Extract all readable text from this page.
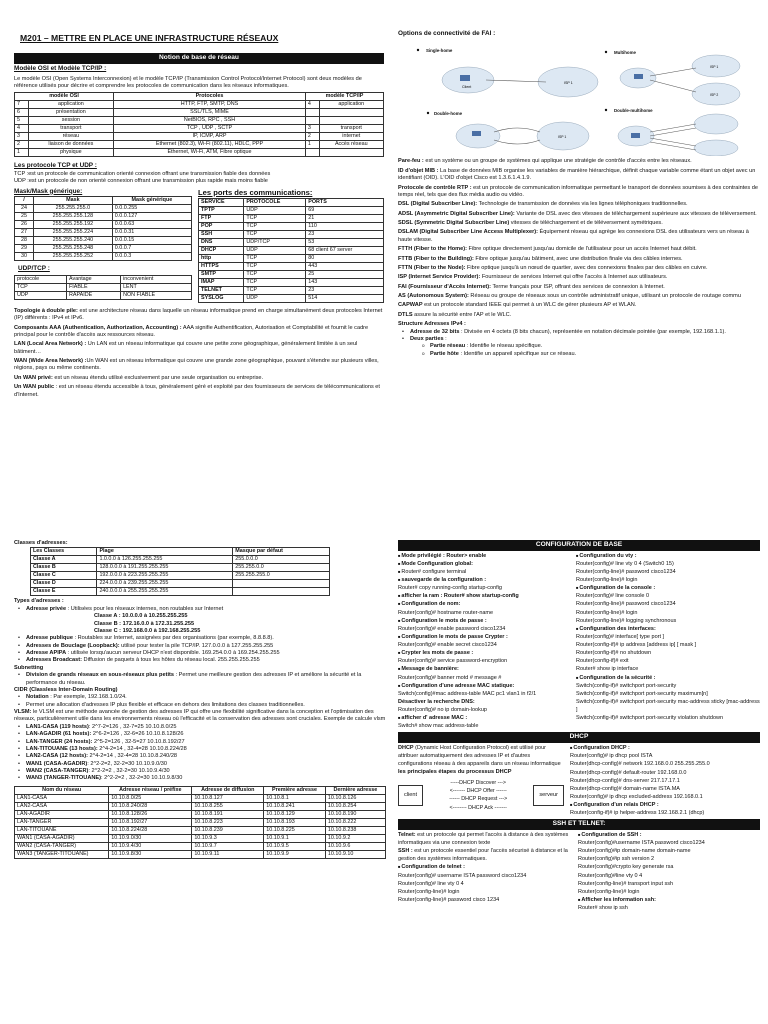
M201 – METTRE EN PLACE UNE INFRASTRUCTURE RÉSEAUX
Notion de base de réseau
Modèle OSI et Modèle TCP/IP :
Le modèle OSI (Open Systems Interconnexion) et le modèle TCP/IP (Transmission Control Protocol/Internet Protocol) sont deux modèles de référence utilisés pour décrire et comprendre les protocoles de communication dans les réseaux informatiques.
modèle OSI		Protocoles	modèle TCP/IP	
7	application	HTTP, FTP, SMTP, DNS	4	application
6	présentation	SSL/TLS, MIME		
5	session	NetBIOS, RPC , SSH		
4	transport	TCP , UDP , SCTP	3	transport
3	réseau	IP, ICMP, ARP	2	internet
2	liaison de données	Ethernet (802.3), Wi-Fi (802.11), HDLC, PPP	1	Accès réseau
1	physique	Ethernet, Wi-Fi, ATM, Fibre optique		
Les protocole TCP et UDP :
TCP :est un protocole de communication orienté connexion offrant une transmission fiable des données
UDP :est un protocole de non orienté connexion offrant une transmission plus rapide mais moins fiable
Mask/Mask générique:
/	Mask	Mask générique
24	255.255.255.0	0.0.0.255
25	255.255.255.128	0.0.0.127
26	255.255.255.192	0.0.0.63
27	255.255.255.224	0.0.0.31
28	255.255.255.240	0.0.0.15
29	255.255.255.248	0.0.0.7
30	255.255.255.252	0.0.0.3
UDP/TCP :
protocole	Avantage	inconvenient
TCP	FIABLE	LENT
UDP	RAPAIDE	NON FIABLE
Les ports des communications:
SERVICE	PROTOCOLE	PORTS
TPTP	UDP	69
FTP	TCP	21
POP	TCP	110
SSH	TCP	23
DNS	UDP/TCP	53
DHCP	UDP	68 client 67 server
http	TCP	80
HTTPS	TCP	443
SMTP	TCP	25
IMAP	TCP	143
TELNET	TCP	23
SYSLOG	UDP	514
Topologie à double pile: est une architecture réseau dans laquelle un réseau informatique prend en charge simultanément deux protocoles Internet (IP) différents : IPv4 et IPv6.
Composants AAA (Authentication, Authorization, Accounting) : AAA signifie Authentification, Autorisation et Comptabilité et fournit le cadre principal pour le contrôle d'accès aux ressources réseau.
LAN (Local Area Network) : Un LAN est un réseau informatique qui couvre une petite zone géographique, généralement limitée à un seul bâtiment…
WAN (Wide Area Network) :Un WAN est un réseau informatique qui couvre une grande zone géographique, pouvant s'étendre sur plusieurs villes, régions, pays ou même continents.
Un WAN privé: est un réseau étendu utilisé exclusivement par une seule organisation ou entreprise.
Un WAN public : est un réseau étendu accessible à tous, généralement géré et exploité par des fournisseurs de services de télécommunications et d'Internet.
Options de connectivité de FAI :
Single-home	Multihome
Double-home
Double-multihome
Client
ISP 1
ISP 1
ISP 2
ISP 1
Pare-feu : est un système ou un groupe de systèmes qui applique une stratégie de contrôle d'accès entre les réseaux.
ID d'objet MIB : La base de données MIB organise les variables de manière hiérarchique, définit chaque variable comme étant un objet avec un identifiant (OID). L'OID d'objet Cisco est 1.3.6.1.4.1.9.
Protocole de contrôle RTP : est un protocole de communication informatique permettant le transport de données soumises à des contraintes de temps réel, tels que des flux média audio ou vidéo.
DSL (Digital Subscriber Line): Technologie de transmission de données via les lignes téléphoniques traditionnelles.
ADSL (Asymmetric Digital Subscriber Line): Variante de DSL avec des vitesses de téléchargement supérieure aux vitesses de téléversement.
SDSL (Symmetric Digital Subscriber Line) vitesses de téléchargement et de téléversement symétriques.
DSLAM (Digital Subscriber Line Access Multiplexer): Équipement réseau qui agrège les connexions DSL des utilisateurs vers un réseau à haute vitesse.
FTTH (Fiber to the Home): Fibre optique directement jusqu'au domicile de l'utilisateur pour un accès Internet haut débit.
FTTB (Fiber to the Building): Fibre optique jusqu'au bâtiment, avec une distribution finale via des câbles internes.
FTTN (Fiber to the Node): Fibre optique jusqu'à un nœud de quartier, avec des connexions finales par des câbles en cuivre.
ISP (Internet Service Provider): Fournisseur de services Internet qui offre l'accès à Internet aux utilisateurs.
FAI (Fournisseur d'Accès Internet): Terme français pour ISP, offrant des services de connexion à Internet.
AS (Autonomous System): Réseau ou groupe de réseaux sous un contrôle administratif unique, utilisant un protocole de routage commu
CAPWAP est un protocole standard IEEE qui permet à un WLC de gérer plusieurs AP et WLAN.
DTLS assure la sécurité entre l'AP et le WLC.
Structure Adresses IPv4 :
• Adresse de 32 bits : Divisée en 4 octets (8 bits chacun), représentée en notation décimale pointée (par exemple, 192.168.1.1).
• Deux parties :
o Partie réseau : Identifie le réseau spécifique.
o Partie hôte : Identifie un appareil spécifique sur ce réseau.
Classes d'adresses:
Les Classes	Plage	Masque par défaut
Classe A	1.0.0.0 à 126.255.255.255	255.0.0.0
Classe B	128.0.0.0 à 191.255.255.255	255.255.0.0
Classe C	192.0.0.0 à 223.255.255.255	255.255.255.0
Classe D	224.0.0.0 à 239.255.255.255	
Classe E	240.0.0.0 à 255.255.255.255	
Types d'adresses :
• Adresse privée : Utilisées pour les réseaux internes, non routables sur Internet
Classe A : 10.0.0.0 à 10.255.255.255
Classe B : 172.16.0.0 à 172.31.255.255
Classe C : 192.168.0.0 à 192.168.255.255
• Adresse publique : Routables sur Internet, assignées par des organisations (par exemple, 8.8.8.8).
• Adresses de Bouclage (Loopback): utilisé pour tester la pile TCP/IP. 127.0.0.0 à 127.255.255.255
• Adresse APIPA : utilisée lorsqu'aucun serveur DHCP n'est disponible. 169.254.0.0 à 169.254.255.255
• Adresses Broadcast: Diffusion de paquets à tous les hôtes du réseau local. 255.255.255.255
Subnetting
• Division de grands réseaux en sous-réseaux plus petits : Permet une meilleure gestion des adresses IP et améliore la sécurité et la performance du réseau.
CIDR (Classless Inter-Domain Routing)
• Notation : Par exemple, 192.168.1.0/24.
• Permet une allocation d'adresses IP plus flexible et efficace en dehors des limitations des classes traditionnelles.
VLSM: le VLSM est une méthode avancée de gestion des adresses IP qui offre une flexibilité significative dans la conception et l'optimisation des réseaux, particulièrement utile dans les environnements réseau où l'efficacité et la conservation des adresses sont cruciales. Exemple de calcule vlsm
• LAN1-CASA (119 hosts): 2^7-2=126 , 32-7=25 10.10.8.0/25
• LAN-AGADIR (61 hosts): 2^6-2=126 , 32-6=26 10.10.8.128/26
• LAN-TANGER (24 hosts): 2^5-2=126 , 32-5=27 10.10.8.192/27
• LAN-TITOUANE (13 hosts): 2^4-2=14 , 32-4=28 10.10.8.224/28
• LAN2-CASA (12 hosts): 2^4-2=14 , 32-4=28 10.10.8.240/28
• WAN1 (CASA-AGADIR): 2^2-2=2, 32-2=30 10.10.9.0/30
• WAN2 (CASA-TANGER): 2^2-2=2 , 32-2=30 10.10.9.4/30
• WAN3 (TANGER-TITOUANE): 2^2-2=2 , 32-2=30 10.10.9.8/30
Nom du réseau	Adresse réseau / préfixe	Adresse de diffusion	Première adresse	Dernière adresse
LAN1-CASA	10.10.8.0/25	10.10.8.127	10.10.8.1	10.10.8.126
LAN2-CASA	10.10.8.240/28	10.10.8.255	10.10.8.241	10.10.8.254
LAN-AGADIR	10.10.8.128/26	10.10.8.191	10.10.8.129	10.10.8.190
LAN-TANGER	10.10.8.192/27	10.10.8.223	10.10.8.193	10.10.8.222
LAN-TITOUANE	10.10.8.224/28	10.10.8.239	10.10.8.225	10.10.8.238
WAN1 (CASA-AGADIR)	10.10.9.0/30	10.10.9.3	10.10.9.1	10.10.9.2
WAN2 (CASA-TANGER)	10.10.9.4/30	10.10.9.7	10.10.9.5	10.10.9.6
WAN3 (TANGER-TITOUANE)	10.10.9.8/30	10.10.9.11	10.10.9.9	10.10.9.10
CONFIGURATION DE BASE
■ Mode privilégié : Router> enable
■ Mode Configuration global:
■ Router# configure terminal
■ sauvegarde de la configuration :
Router# copy running-config startup-config
■ afficher la ram : Router# show startup-config
■ Configuration de nom:
Router(config)# hostname router-name
■ Configuration le mots de passe :
Router(config)# enable password cisco1234
■ Configuration le mots de passe Crypter :
Router(config)# enable secret cisco1234
■ Crypter les mots de passe :
Router(config)# service password-encryption
■ Message de bannière:
Router(config)# banner motd # message #
■ Configuration d'une adresse MAC statique:
Switch(config)#mac address-table MAC pc1 vlan1 in f2/1
Désactiver la recherche DNS:
Router(config)# no ip domain-lookup
■ afficher d' adresse MAC :
Switch# show mac address-table
■ Configuration du vty :
Router(config)# line vty 0 4 (Switch0 15)
Router(config-line)# password cisco1234
Router(config-line)# login
■ Configuration de la console :
Router(config)# line console 0
Router(config-line)# password cisco1234
Router(config-line)# login
Router(config-line)# logging synchronous
■ Configuration des interfaces:
Router(config)# interface[ type port ]
Router(config-if)# ip address [address ip] [ mask ]
Router(config-if)# no shutdown
Router(config-if)# exit
Router# show ip interface
■ Configuration de la sécurité :
Switch(config-if)# switchport port-security
Switch(config-if)# switchport port-security maximum[n]
Switch(config-if)# switchport port-security mac-address sticky [mac-address ]
Switch(config-if)# switchport port-security violation shutdown
DHCP
DHCP (Dynamic Host Configuration Protocol) est utilisé pour attribuer automatiquement des adresses IP et d'autres configurations réseau à des appareils dans un réseau informatique
les principales étapes du processus DHCP
client
-----DHCP Discover --->
<------- DHCP Offer ------
------ DHCP Request --->
<-------- DHCP Ack -------
serveur
■ Configuration DHCP :
Router(config)# ip dhcp pool ISTA
Router(dhcp-config)# network 192.168.0.0 255.255.255.0
Router(dhcp-config)# default-router 192.168.0.0
Router(dhcp-config)# dns-server 217.17.17.1
Router(dhcp-config)# domain-name ISTA.MA
Router(config)# ip dhcp excluded-address 192.168.0.1
■ Configuration d'un relais DHCP :
Router(config-if)# ip helper-address 192.168.2.1 (dhcp)
SSH ET TELNET:
Telnet: est un protocole qui permet l'accès à distance à des systèmes informatiques via une connexion texte
SSH : est un protocole essentiel pour l'accès sécurisé à distance et la gestion des systèmes informatiques.
■ Configuration de telnet :
Router(config)# username ISTA password cisco1234
Router(config)# line vty 0 4
Router(config-line)# login
Router(config-line)# password cisco 1234
■ Configuration de SSH :
Router(config)#username ISTA password cisco1234
Router(config)#ip domain-name domain-name
Router(config)#ip ssh version 2
Router(config)#crypto key generate rsa
Router(config)#line vty 0 4
Router(config-line)# transport input ssh
Router(config-line)# login
■ Afficher les information ssh:
Router# show ip ssh
